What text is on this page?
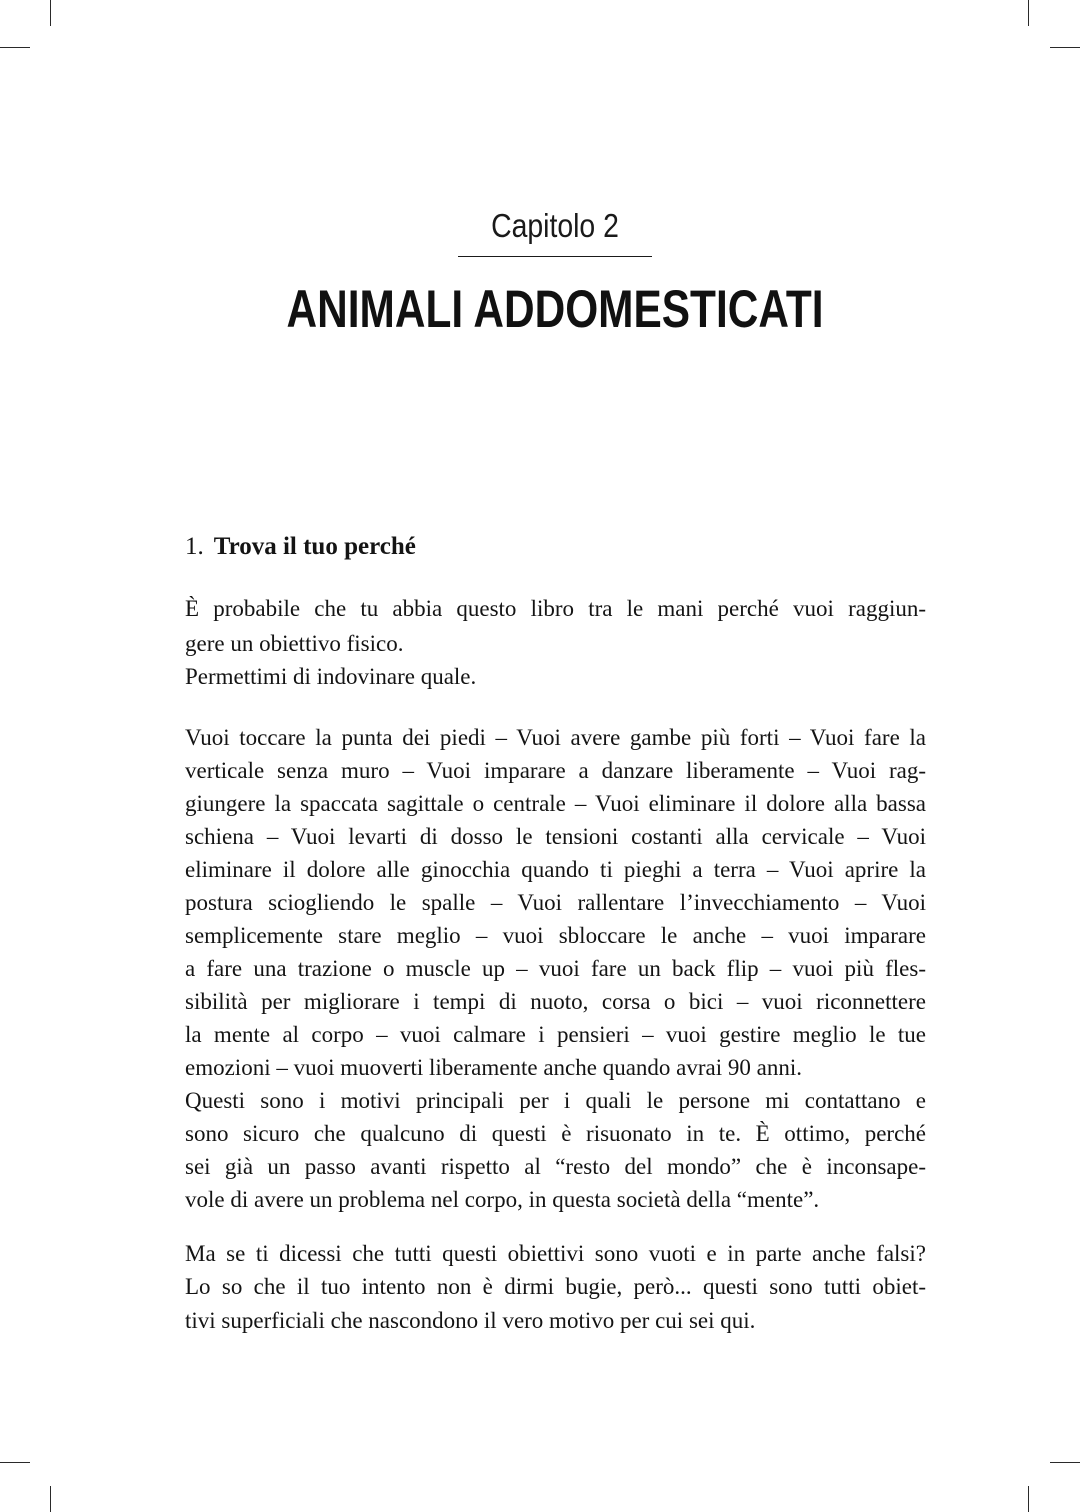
Capitolo 2
ANIMALI ADDOMESTICATI
1. Trova il tuo perché
È probabile che tu abbia questo libro tra le mani perché vuoi raggiun-
gere un obiettivo fisico.
Permettimi di indovinare quale.
Vuoi toccare la punta dei piedi – Vuoi avere gambe più forti – Vuoi fare la
verticale senza muro – Vuoi imparare a danzare liberamente – Vuoi rag-
giungere la spaccata sagittale o centrale – Vuoi eliminare il dolore alla bassa
schiena – Vuoi levarti di dosso le tensioni costanti alla cervicale – Vuoi
eliminare il dolore alle ginocchia quando ti pieghi a terra – Vuoi aprire la
postura sciogliendo le spalle – Vuoi rallentare l’invecchiamento – Vuoi
semplicemente stare meglio – vuoi sbloccare le anche – vuoi imparare
a fare una trazione o muscle up – vuoi fare un back flip – vuoi più fles-
sibilità per migliorare i tempi di nuoto, corsa o bici – vuoi riconnettere
la mente al corpo – vuoi calmare i pensieri – vuoi gestire meglio le tue
emozioni – vuoi muoverti liberamente anche quando avrai 90 anni.
Questi sono i motivi principali per i quali le persone mi contattano e
sono sicuro che qualcuno di questi è risuonato in te. È ottimo, perché
sei già un passo avanti rispetto al “resto del mondo” che è inconsape-
vole di avere un problema nel corpo, in questa società della “mente”.
Ma se ti dicessi che tutti questi obiettivi sono vuoti e in parte anche falsi?
Lo so che il tuo intento non è dirmi bugie, però... questi sono tutti obiet-
tivi superficiali che nascondono il vero motivo per cui sei qui.
